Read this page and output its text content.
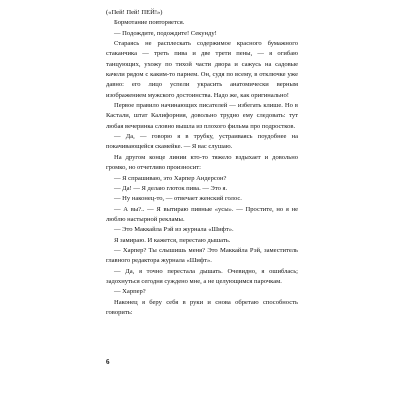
(«Пей! Пей! ПЕЙ!»)

Бормотание повторяется.

— Подождите, подождите! Секунду!

Стараясь не расплескать содержимое красного бумажного стаканчика — треть пива и две трети пены, — я огибаю танцующих, ухожу по тихой части двора и сажусь на садовые качели рядом с каким-то парнем. Он, судя по всему, в отключке уже давно: его лицо успели украсить анатомически верным изображением мужского достоинства. Надо же, как оригинально!

Первое правило начинающих писателей — избегать клише. Но в Кастали, штат Калифорния, довольно трудно ему следовать: тут любая вечеринка словно вышла из плохого фильма про подростков.

— Да, — говорю я в трубку, устраиваясь поудобнее на покачивающейся скамейке. — Я вас слушаю.

На другом конце линии кто-то тяжело вздыхает и довольно громко, но отчетливо произносит:

— Я спрашиваю, это Харпер Андерсон?

— Да! — Я делаю глоток пива. — Это я.

— Ну наконец-то, — отвечает женский голос.

— А вы?.. — Я вытираю пивные «усы». — Простите, но я не люблю настырной рекламы.

— Это Маккайла Рэй из журнала «Шифт».

Я замираю. И кажется, перестаю дышать.

— Харпер? Ты слышишь меня? Это Маккайла Рэй, заместитель главного редактора журнала «Шифт».

— Да, я точно перестала дышать. Очевидно, я ошиблась; задохнуться сегодня суждено мне, а не целующимся парочкам.

— Харпер?

Наконец я беру себя в руки и снова обретаю способность говорить:

6
